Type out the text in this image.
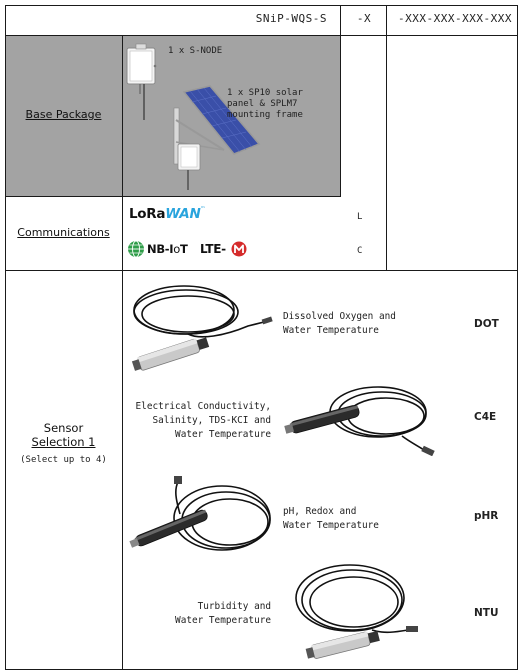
SNiP-WQS-S	-X	-XXX-XXX-XXX-XXX
Base Package
1 x S-NODE
1 x SP10 solar
panel & SPLM7
mounting frame
Communications
LoRaWAN™
NB-IoT LTE-
L
C
Sensor
Selection 1
(Select up to 4)
Dissolved Oxygen and
Water Temperature
DOT
Electrical Conductivity,
Salinity, TDS-KCI and
Water Temperature
C4E
pH, Redox and
Water Temperature
pHR
Turbidity and
Water Temperature
NTU
